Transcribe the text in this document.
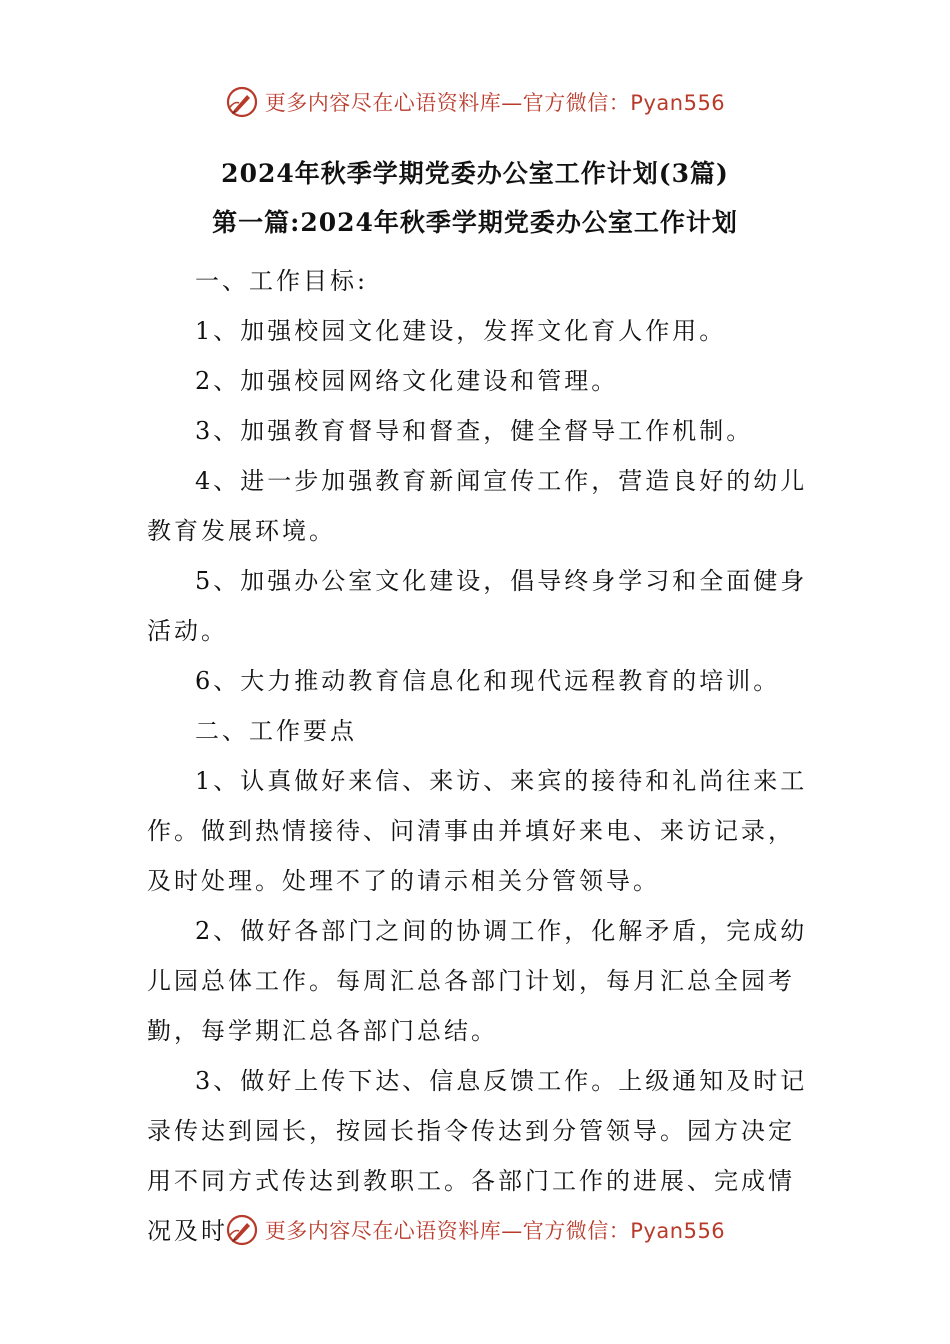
更多内容尽在心语资料库—官方微信：Pyan556
2024年秋季学期党委办公室工作计划(3篇)
第一篇:2024年秋季学期党委办公室工作计划

一、工作目标:

1、加强校园文化建设，发挥文化育人作用。

2、加强校园网络文化建设和管理。

3、加强教育督导和督查，健全督导工作机制。

4、进一步加强教育新闻宣传工作，营造良好的幼儿教育发展环境。

5、加强办公室文化建设，倡导终身学习和全面健身活动。

6、大力推动教育信息化和现代远程教育的培训。

二、工作要点

1、认真做好来信、来访、来宾的接待和礼尚往来工作。做到热情接待、问清事由并填好来电、来访记录，及时处理。处理不了的请示相关分管领导。

2、做好各部门之间的协调工作，化解矛盾，完成幼儿园总体工作。每周汇总各部门计划，每月汇总全园考勤，每学期汇总各部门总结。

3、做好上传下达、信息反馈工作。上级通知及时记录传达到园长，按园长指令传达到分管领导。园方决定用不同方式传达到教职工。各部门工作的进展、完成情况及时	更多内容尽在心语资料库—官方微信：Pyan556
